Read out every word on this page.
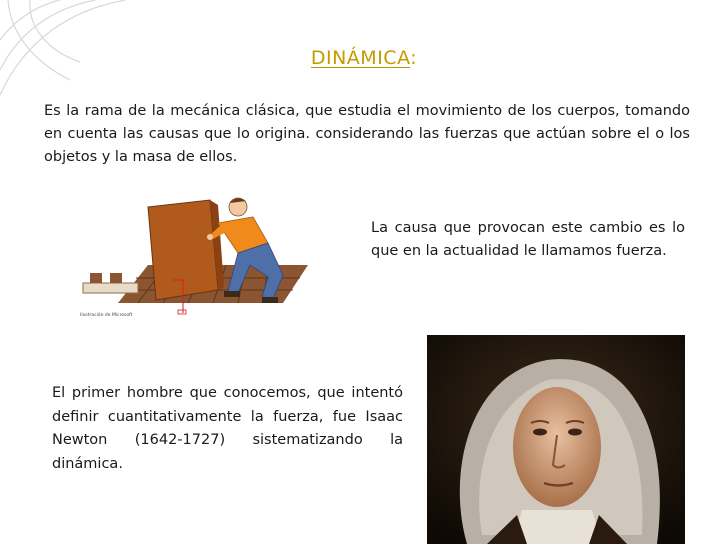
DINÁMICA:
Es la rama de la mecánica clásica, que estudia el movimiento de los cuerpos, tomando en cuenta las causas que lo origina. considerando las fuerzas que actúan sobre el o los objetos y la masa de ellos.
Ilustración de Microsoft
La causa que provocan este cambio es lo que en la actualidad le llamamos fuerza.
El primer hombre que conocemos, que intentó definir cuantitativamente la fuerza, fue Isaac Newton (1642-1727) sistematizando la dinámica.
